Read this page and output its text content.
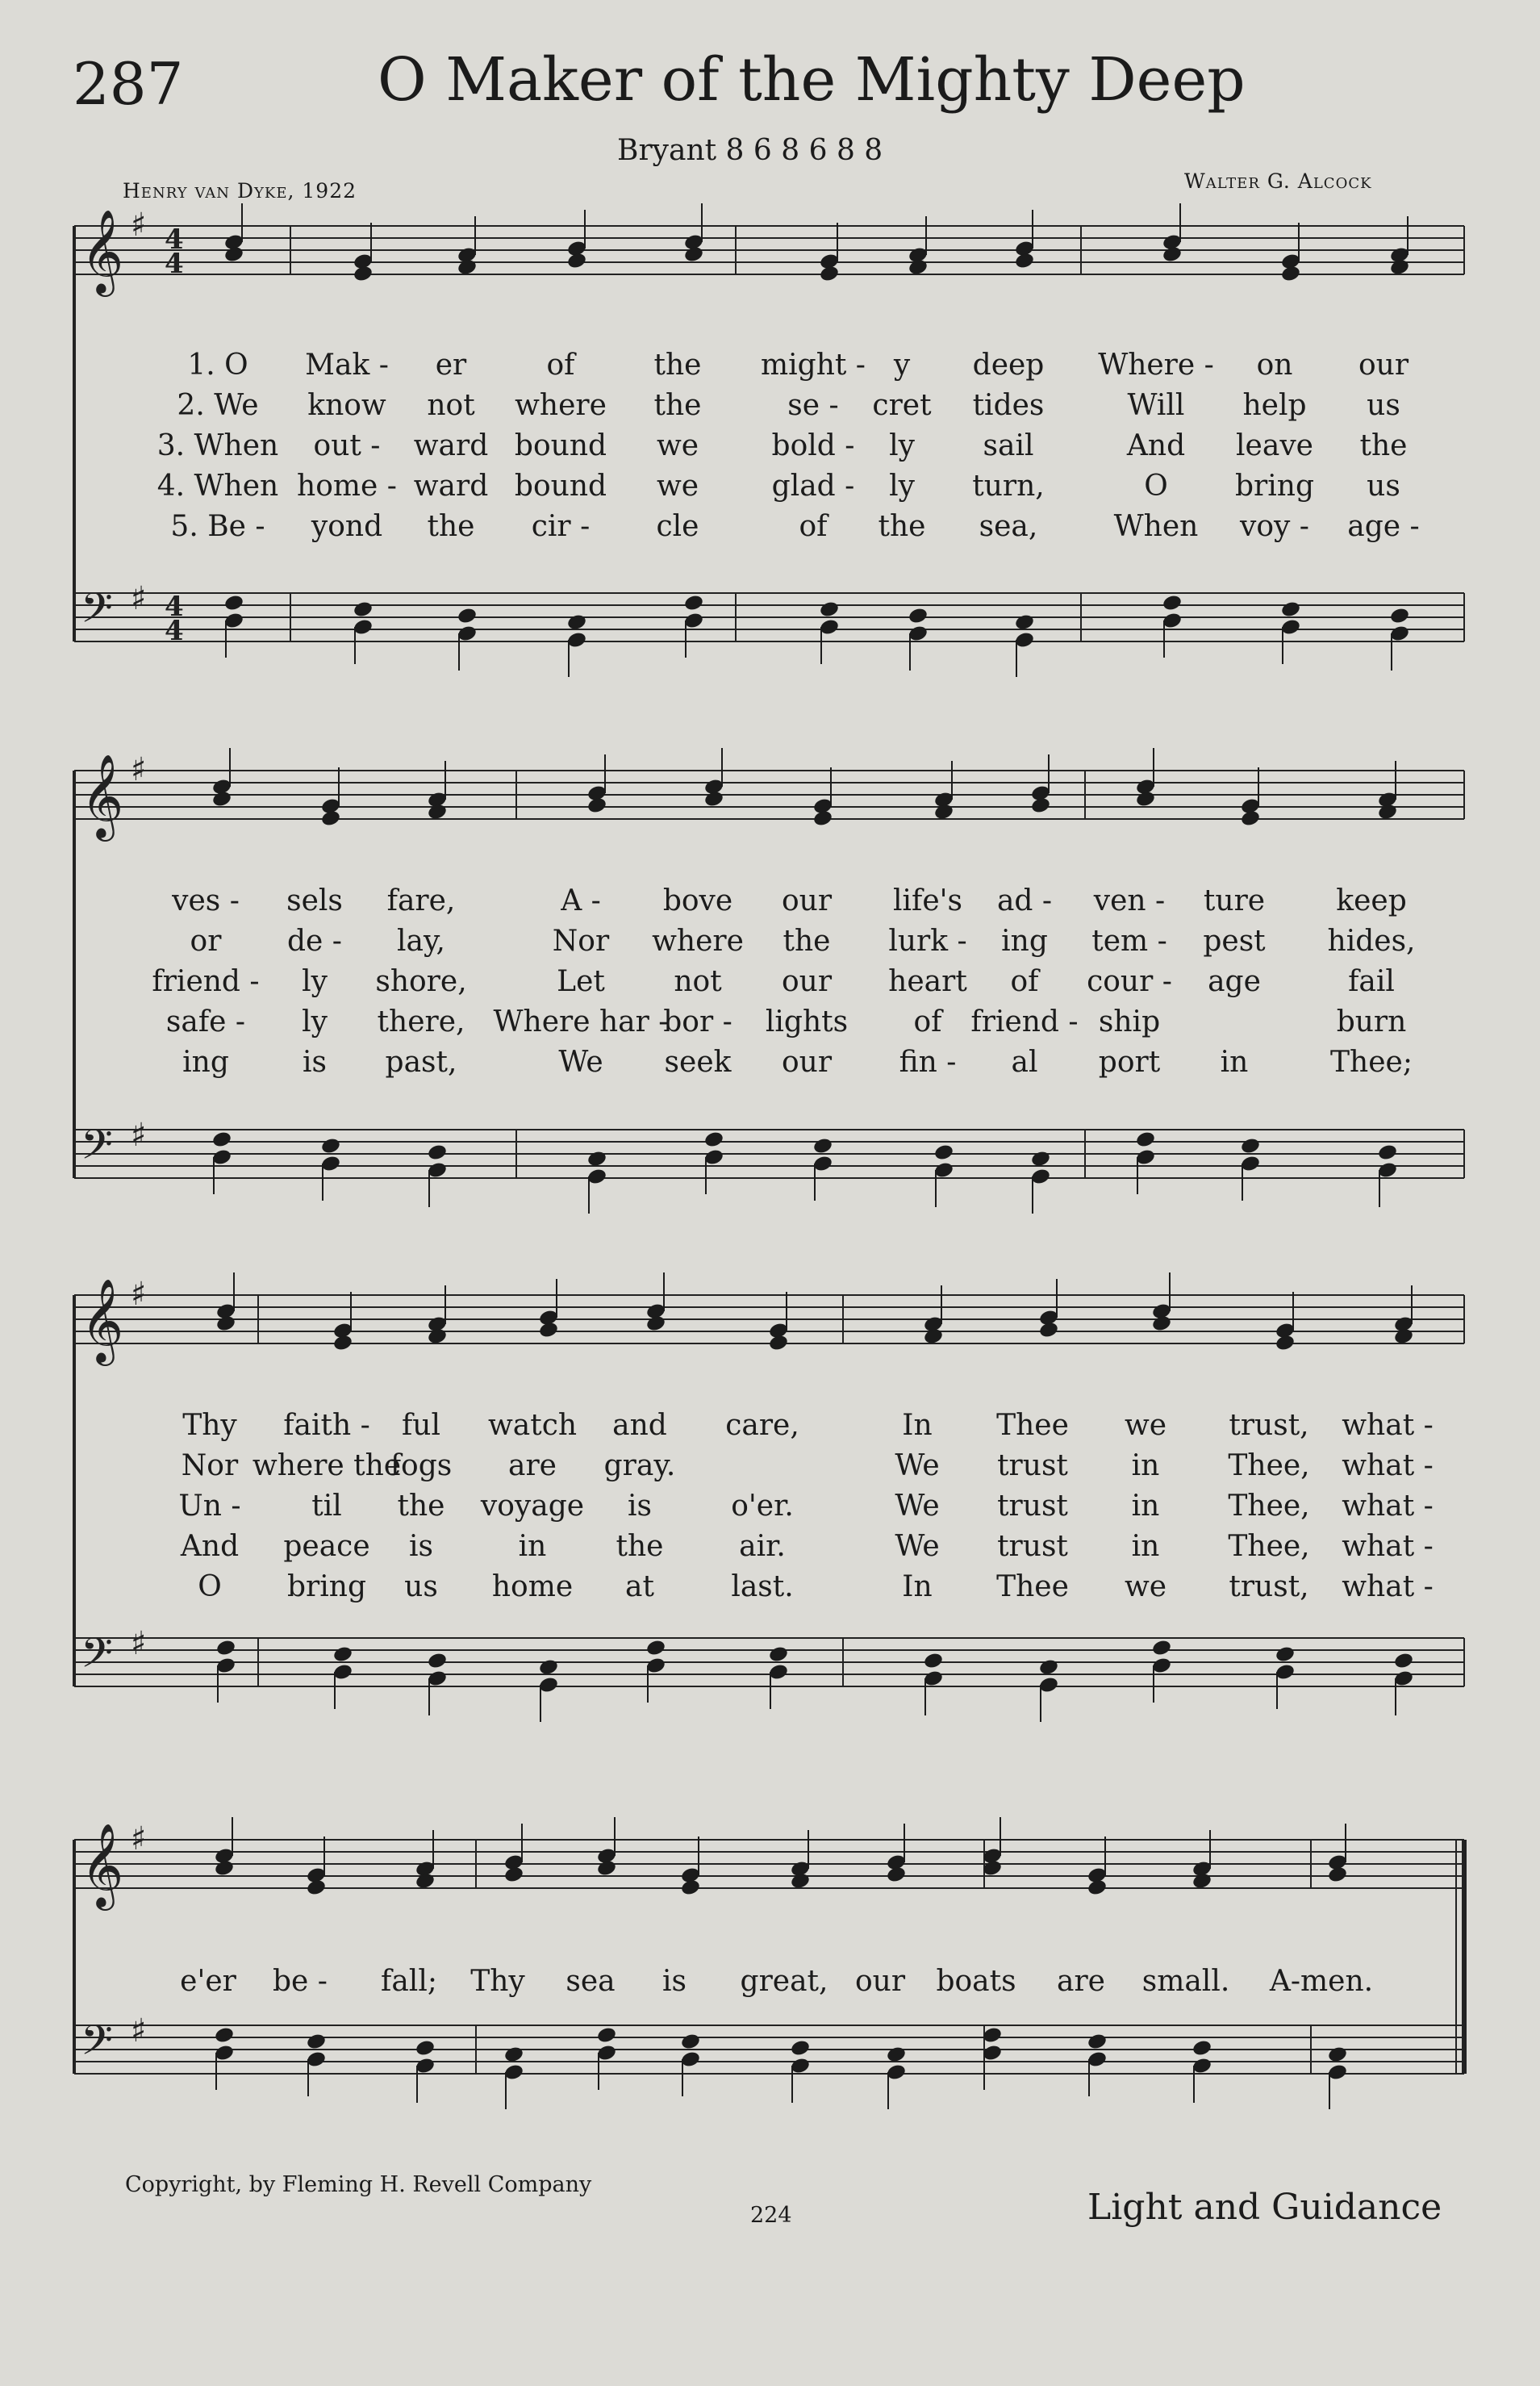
287	O Maker of the Mighty Deep
Bryant 8 6 8 6 8 8
Henry van Dyke, 1922	Walter G. Alcock
𝄞 ♯
𝄢 ♯
4
4
4
4
𝄞 ♯
𝄢 ♯
𝄞 ♯
𝄢 ♯
𝄞 ♯
𝄢 ♯
1. O Mak - er	of	the might - y deep Where - on our
2. We know not where the	se - cret tides	Will help us
3. When out - ward bound we	bold - ly sail	And leave the
4. When home - ward bound we	glad - ly turn,	O bring us
5. Be - yond the cir - cle	of the sea,	When voy - age -
ves - sels fare,	A - bove our life's ad - ven - ture keep
or de - lay,	Nor where the lurk - ing tem - pest hides,
friend - ly shore,	Let not our heart of cour - age	fail
safe - ly there, Where har -
bor - lights of friend - ship	burn
ing	is past,	We seek our fin - al port in	Thee;
Thy faith - ful watch and care,	In Thee we trust, what -
Nor where the
fogs are gray.	We trust in Thee, what -
Un - til the voyage is	o'er.	We trust in Thee, what -
And peace is	in the	air.	We trust in Thee, what -
O bring us home at	last.	In Thee we trust, what -
e'er be - fall; Thy sea is great, our boats are small. A-men.
Copyright, by Fleming H. Revell Company
224	Light and Guidance
